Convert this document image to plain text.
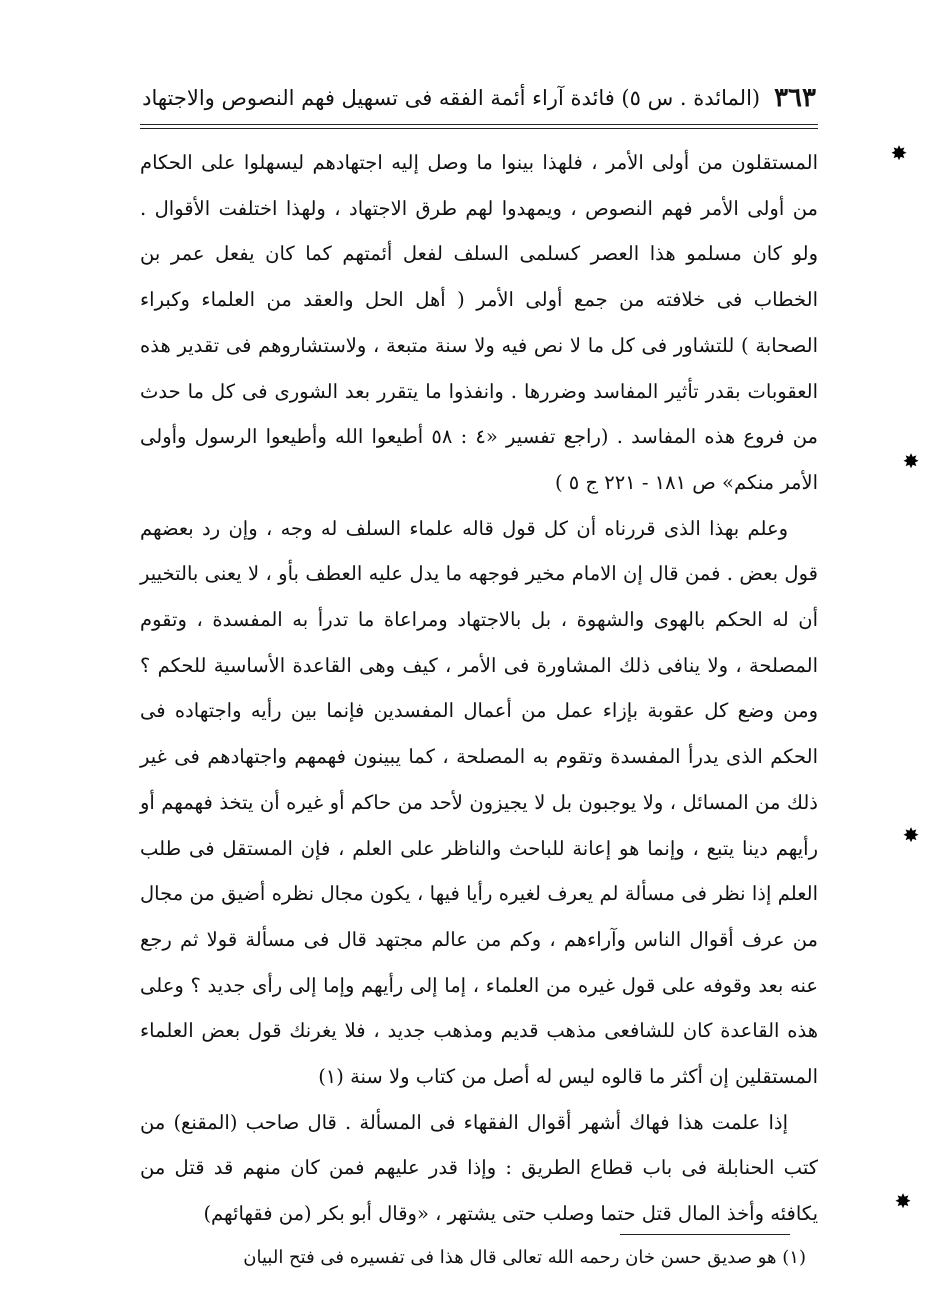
٣٦٣
(المائدة . س ٥) فائدة آراء أئمة الفقه فى تسهيل فهم النصوص والاجتهاد
✸
✸
✸
✸

المستقلون من أولى الأمر ، فلهذا بينوا ما وصل إليه اجتهادهم ليسهلوا على الحكام من أولى الأمر فهم النصوص ، ويمهدوا لهم طرق الاجتهاد ، ولهذا اختلفت الأقوال . ولو كان مسلمو هذا العصر كسلمى السلف لفعل أئمتهم كما كان يفعل عمر بن الخطاب فى خلافته من جمع أولى الأمر ( أهل الحل والعقد من العلماء وكبراء الصحابة ) للتشاور فى كل ما لا نص فيه ولا سنة متبعة ، ولاستشاروهم فى تقدير هذه العقوبات بقدر تأثير المفاسد وضررها . وانفذوا ما يتقرر بعد الشورى فى كل ما حدث من فروع هذه المفاسد . (راجع تفسير «٤ : ٥٨ أطيعوا الله وأطيعوا الرسول وأولى الأمر منكم» ص ١٨١ - ٢٢١ ج ٥ )

وعلم بهذا الذى قررناه أن كل قول قاله علماء السلف له وجه ، وإن رد بعضهم قول بعض . فمن قال إن الامام مخير فوجهه ما يدل عليه العطف بأو ، لا يعنى بالتخيير أن له الحكم بالهوى والشهوة ، بل بالاجتهاد ومراعاة ما تدرأ به المفسدة ، وتقوم المصلحة ، ولا ينافى ذلك المشاورة فى الأمر ، كيف وهى القاعدة الأساسية للحكم ؟ ومن وضع كل عقوبة بإزاء عمل من أعمال المفسدين فإنما بين رأيه واجتهاده فى الحكم الذى يدرأ المفسدة وتقوم به المصلحة ، كما يبينون فهمهم واجتهادهم فى غير ذلك من المسائل ، ولا يوجبون بل لا يجيزون لأحد من حاكم أو غيره أن يتخذ فهمهم أو رأيهم دينا يتبع ، وإنما هو إعانة للباحث والناظر على العلم ، فإن المستقل فى طلب العلم إذا نظر فى مسألة لم يعرف لغيره رأيا فيها ، يكون مجال نظره أضيق من مجال من عرف أقوال الناس وآراءهم ، وكم من عالم مجتهد قال فى مسألة قولا ثم رجع عنه بعد وقوفه على قول غيره من العلماء ، إما إلى رأيهم وإما إلى رأى جديد ؟ وعلى هذه القاعدة كان للشافعى مذهب قديم ومذهب جديد ، فلا يغرنك قول بعض العلماء المستقلين إن أكثر ما قالوه ليس له أصل من كتاب ولا سنة (١)

إذا علمت هذا فهاك أشهر أقوال الفقهاء فى المسألة . قال صاحب (المقنع) من كتب الحنابلة فى باب قطاع الطريق : وإذا قدر عليهم فمن كان منهم قد قتل من يكافئه وأخذ المال قتل حتما وصلب حتى يشتهر ، «وقال أبو بكر (من فقهائهم)

(١) هو صديق حسن خان رحمه الله تعالى قال هذا فى تفسيره فى فتح البيان
